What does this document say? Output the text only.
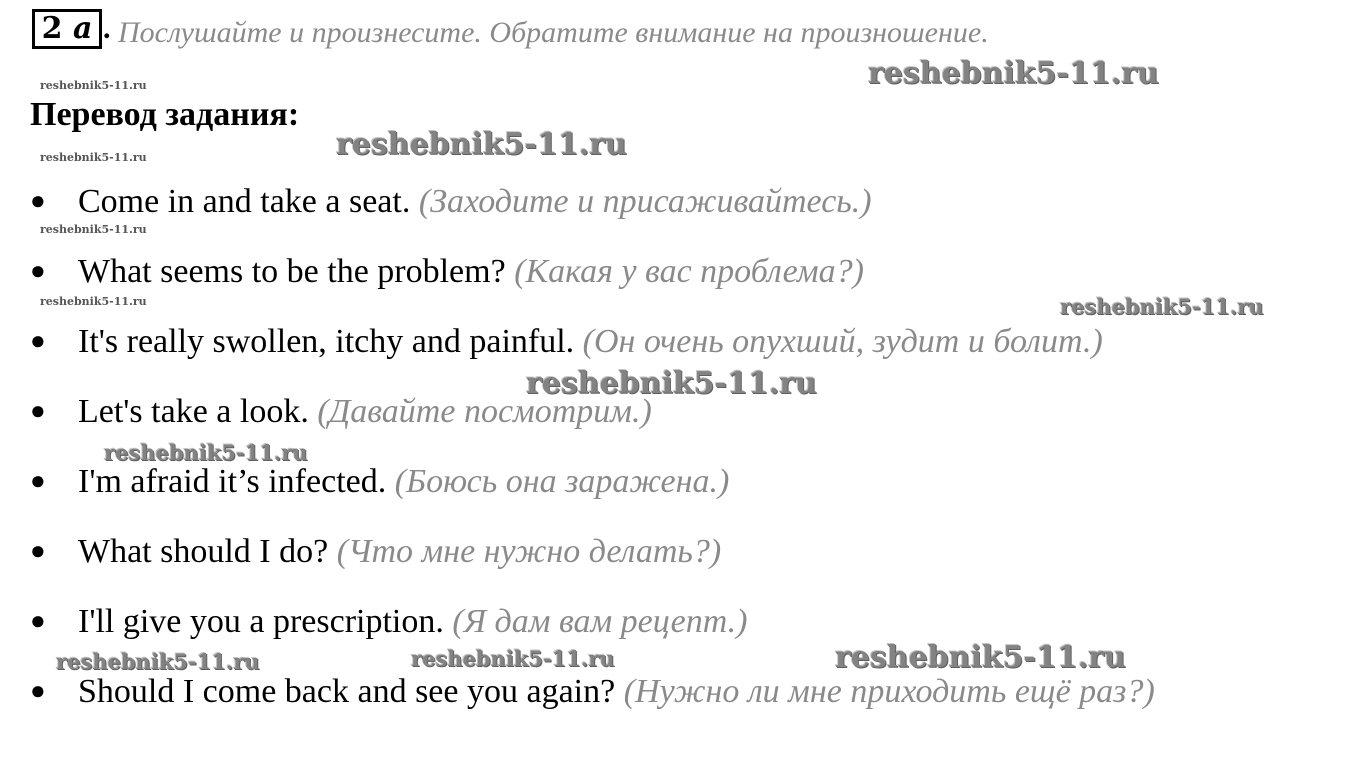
2 a . Послушайте и произнесите. Обратите внимание на произношение.
Перевод задания:
● Come in and take a seat. (Заходите и присаживайтесь.)
● What seems to be the problem? (Какая у вас проблема?)
● It's really swollen, itchy and painful. (Он очень опухший, зудит и болит.)
● Let's take a look. (Давайте посмотрим.)
● I'm afraid it’s infected. (Боюсь она заражена.)
● What should I do? (Что мне нужно делать?)
● I'll give you a prescription. (Я дам вам рецепт.)
● Should I come back and see you again? (Нужно ли мне приходить ещё раз?)
reshebnik5-11.ru
reshebnik5-11.ru
reshebnik5-11.ru
reshebnik5-11.ru
reshebnik5-11.ru
reshebnik5-11.ru
reshebnik5-11.ru
reshebnik5-11.ru
reshebnik5-11.ru
reshebnik5-11.ru	reshebnik5-11.ru	reshebnik5-11.ru
